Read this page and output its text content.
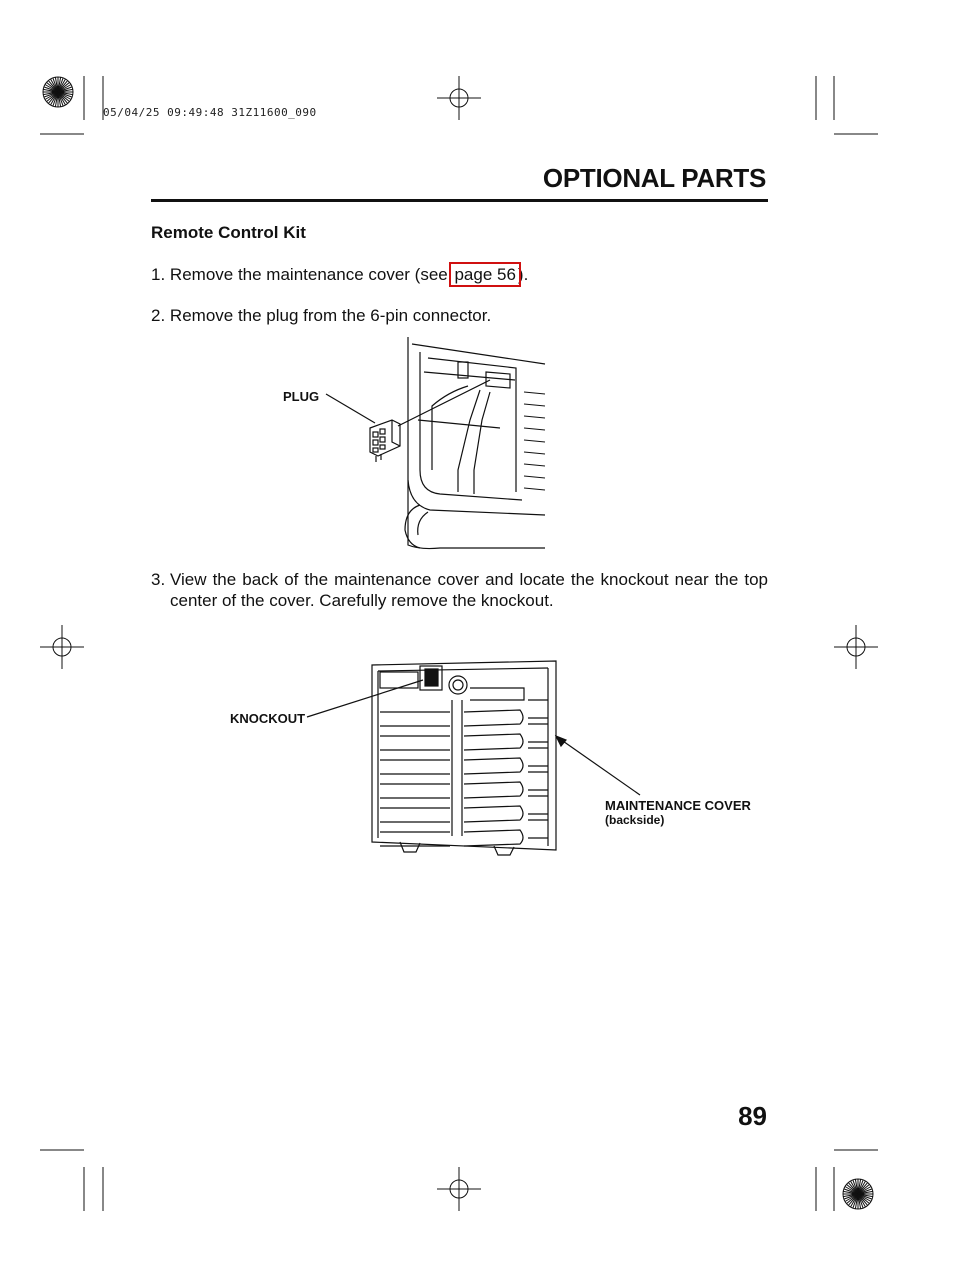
05/04/25 09:49:48 31Z11600_090
OPTIONAL PARTS
Remote Control Kit
1. Remove the maintenance cover (see page 56 ).
2. Remove the plug from the 6-pin connector.
PLUG
3. View the back of the maintenance cover and locate the knockout near the top center of the cover. Carefully remove the knockout.
KNOCKOUT
MAINTENANCE COVER
(backside)
89
